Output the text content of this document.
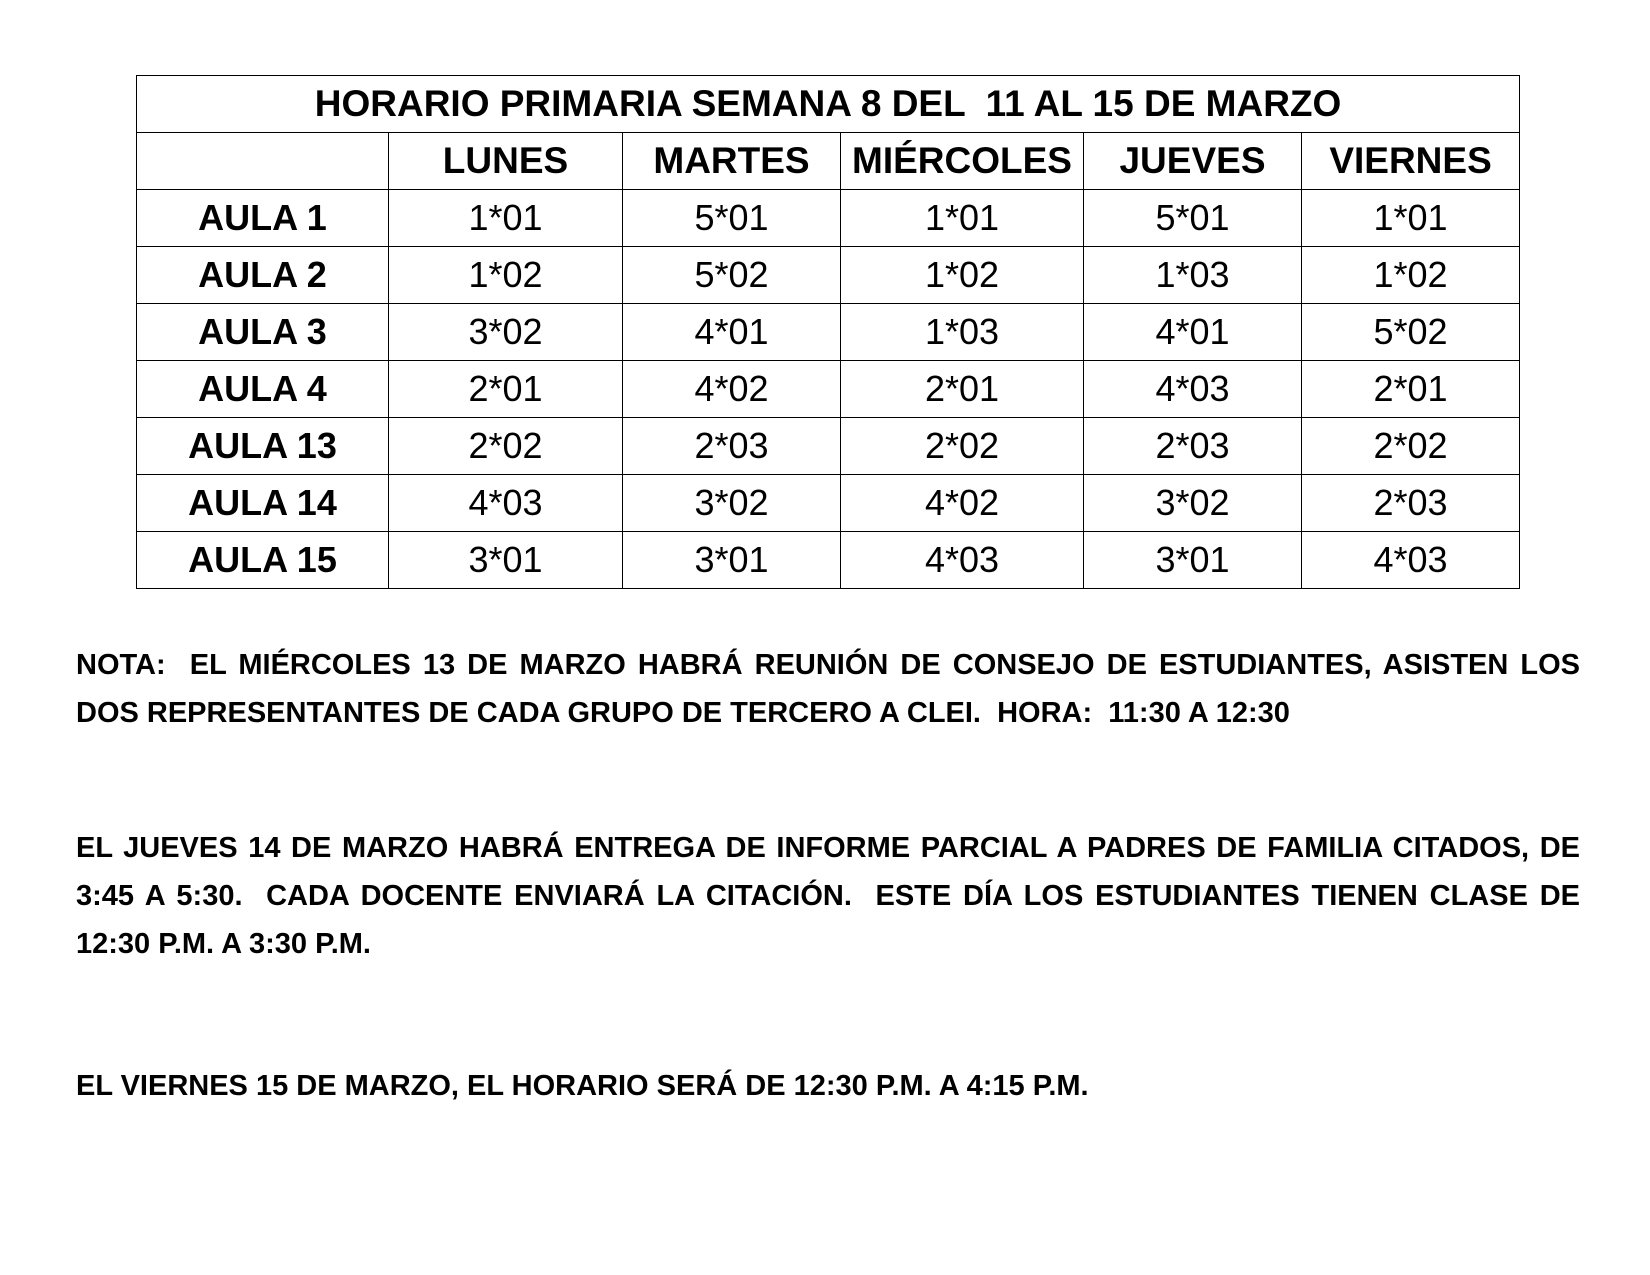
HORARIO PRIMARIA SEMANA 8 DEL  11 AL 15 DE MARZO					
	LUNES	MARTES	MIÉRCOLES	JUEVES	VIERNES
AULA 1	1*01	5*01	1*01	5*01	1*01
AULA 2	1*02	5*02	1*02	1*03	1*02
AULA 3	3*02	4*01	1*03	4*01	5*02
AULA 4	2*01	4*02	2*01	4*03	2*01
AULA 13	2*02	2*03	2*02	2*03	2*02
AULA 14	4*03	3*02	4*02	3*02	2*03
AULA 15	3*01	3*01	4*03	3*01	4*03

NOTA:  EL MIÉRCOLES 13 DE MARZO HABRÁ REUNIÓN DE CONSEJO DE ESTUDIANTES, ASISTEN LOS DOS REPRESENTANTES DE CADA GRUPO DE TERCERO A CLEI.  HORA:  11:30 A 12:30

EL JUEVES 14 DE MARZO HABRÁ ENTREGA DE INFORME PARCIAL A PADRES DE FAMILIA CITADOS, DE 3:45 A 5:30.  CADA DOCENTE ENVIARÁ LA CITACIÓN.  ESTE DÍA LOS ESTUDIANTES TIENEN CLASE DE 12:30 P.M. A 3:30 P.M.

EL VIERNES 15 DE MARZO, EL HORARIO SERÁ DE 12:30 P.M. A 4:15 P.M.
